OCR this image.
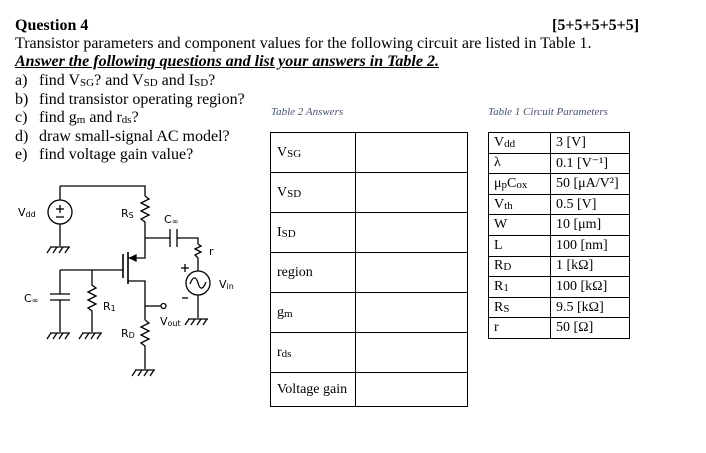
Question 4	[5+5+5+5+5]
Transistor parameters and component values for the following circuit are listed in Table 1.
Answer the following questions and list your answers in Table 2.
a) find $V_{SG}$? and $V_{SD}$ and $I_{SD}$?
b) find transistor operating region?
c) find $g_m$ and $r_{ds}$?
d) draw small-signal AC model?
e) find voltage gain value?
Table 2 Answers	Table 1 Circuit Parameters
$V_{SG}$	
$V_{SD}$	
$I_{SD}$	
region	
$g_m$	
$r_{ds}$	
Voltage gain	
$V_{dd}$	3 [V]
λ	0.1 [V⁻¹]
$\mu_pC_{ox}$	50 [μA/V²]
$V_{th}$	0.5 [V]
W	10 [μm]
L	100 [nm]
$R_D$	1 [kΩ]
$R_1$	100 [kΩ]
$R_S$	9.5 [kΩ]
r	50 [Ω]
Vdd	RS	C∞
r
Vin
C∞	R1
Vout
RD
